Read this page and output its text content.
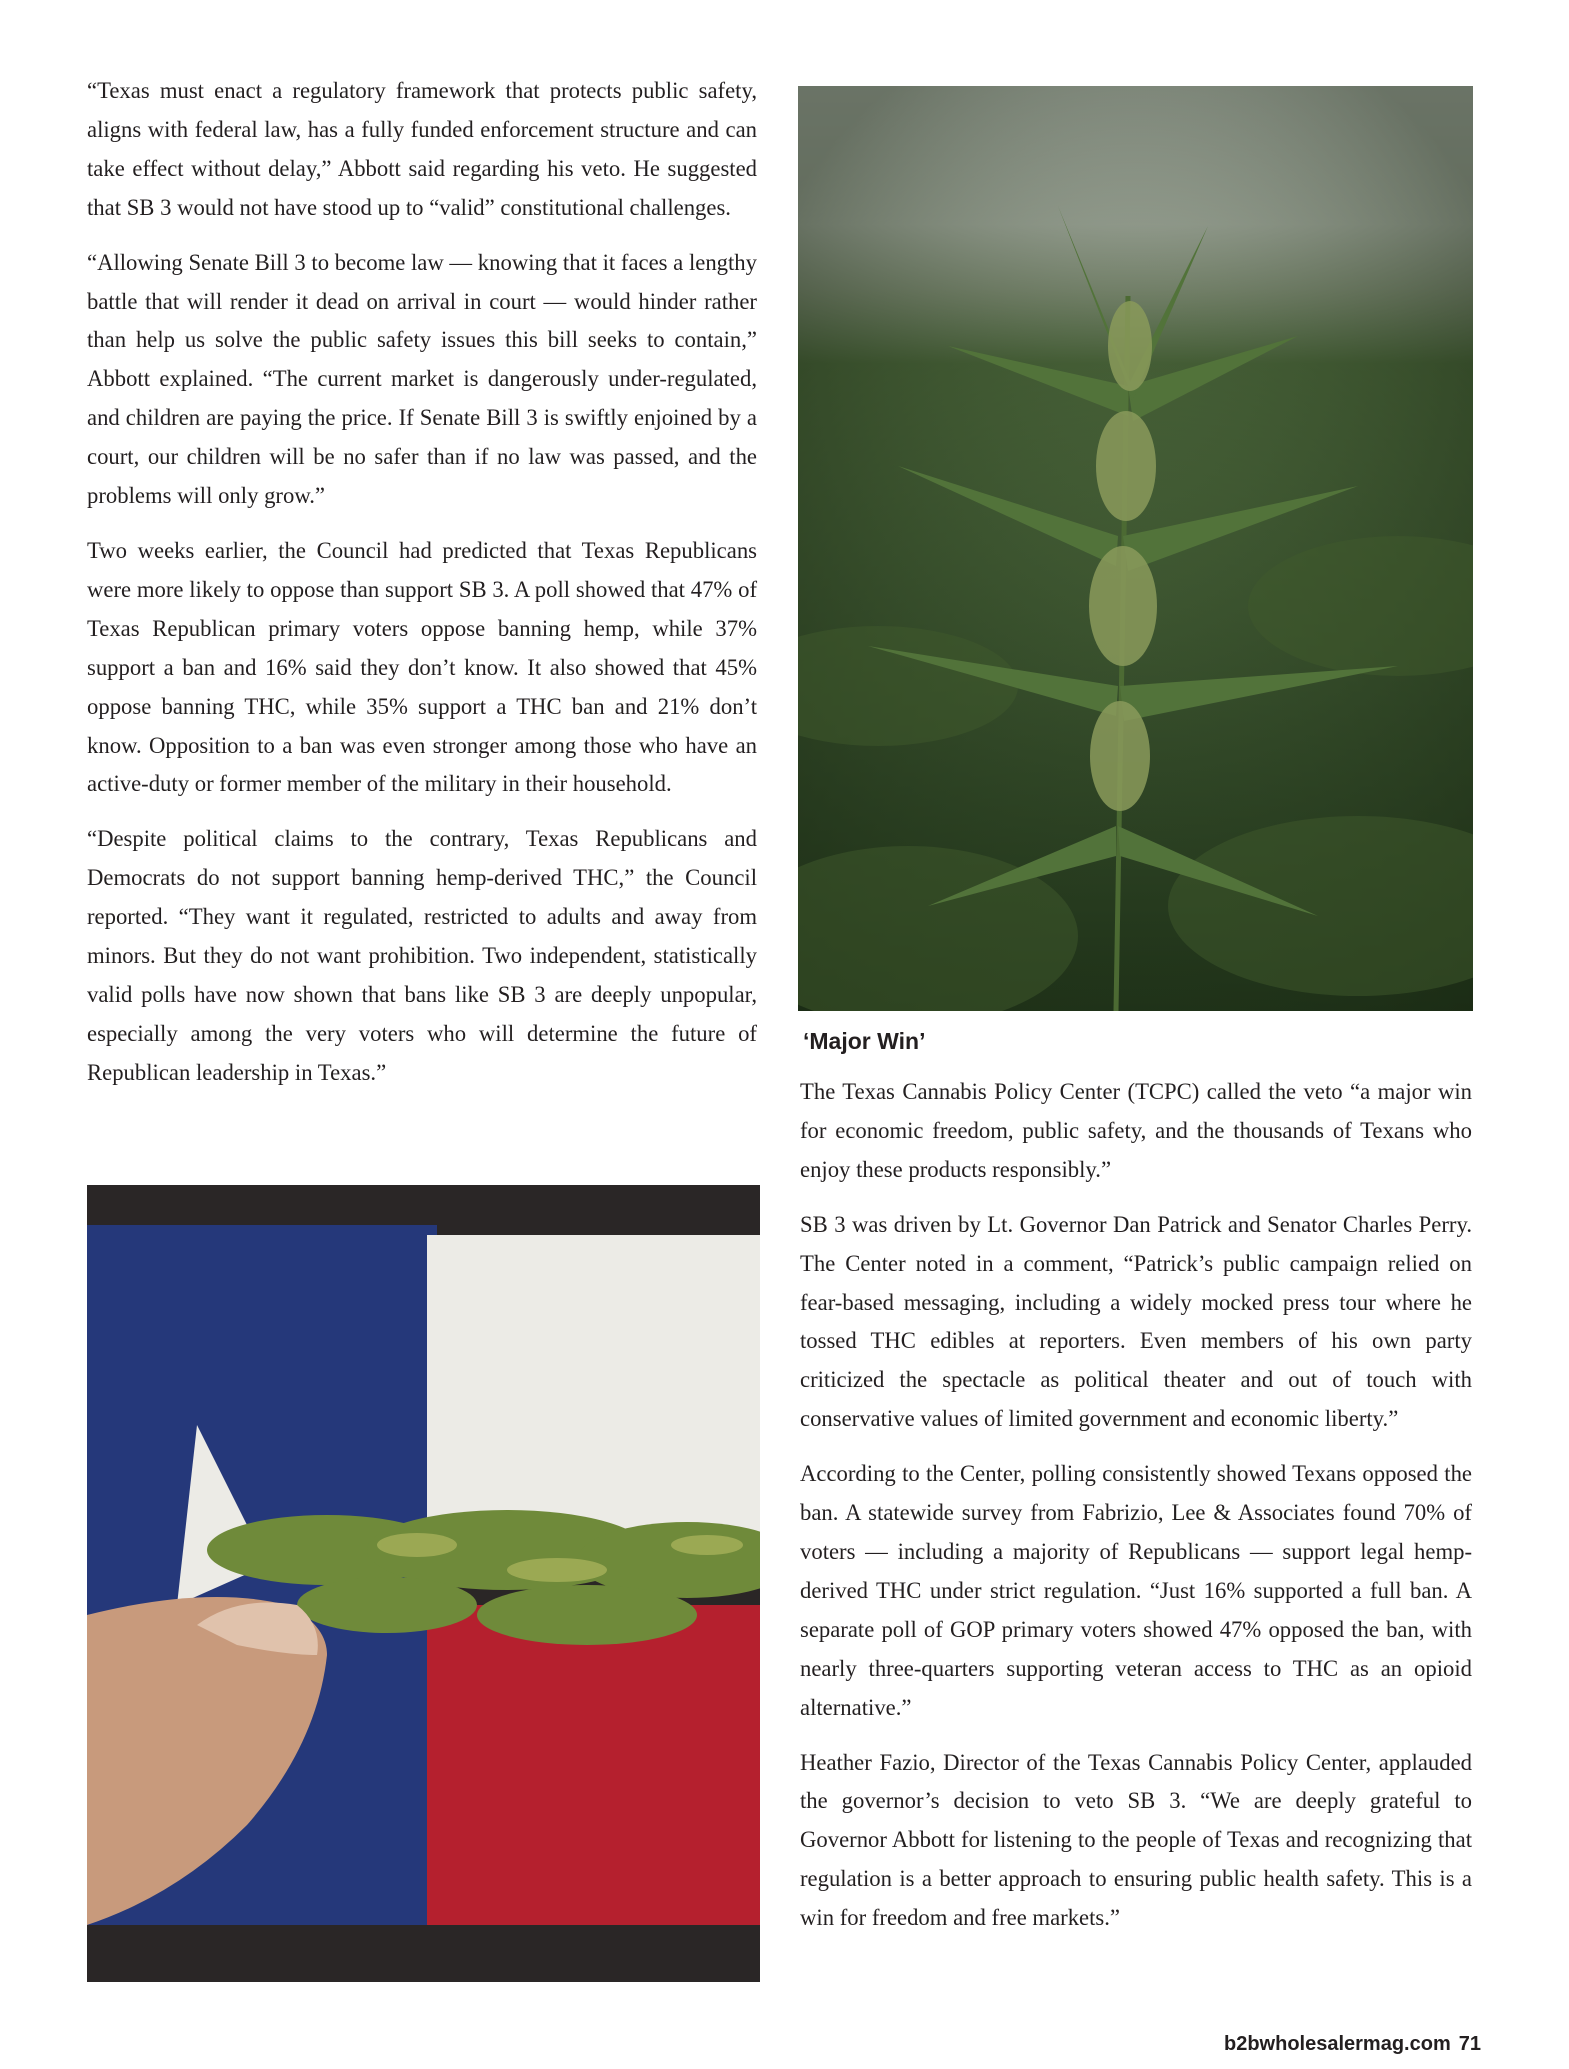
“Texas must enact a regulatory framework that protects public safety, aligns with federal law, has a fully funded enforcement structure and can take effect without delay,” Abbott said regarding his veto. He suggested that SB 3 would not have stood up to “valid” constitutional challenges.

“Allowing Senate Bill 3 to become law — knowing that it faces a lengthy battle that will render it dead on arrival in court — would hinder rather than help us solve the public safety issues this bill seeks to contain,” Abbott explained. “The current market is dangerously under-regulated, and children are paying the price. If Senate Bill 3 is swiftly enjoined by a court, our children will be no safer than if no law was passed, and the problems will only grow.”

Two weeks earlier, the Council had predicted that Texas Republicans were more likely to oppose than support SB 3. A poll showed that 47% of Texas Republican primary voters oppose banning hemp, while 37% support a ban and 16% said they don’t know. It also showed that 45% oppose banning THC, while 35% support a THC ban and 21% don’t know. Opposition to a ban was even stronger among those who have an active-duty or former member of the military in their household.

“Despite political claims to the contrary, Texas Republicans and Democrats do not support banning hemp-derived THC,” the Council reported. “They want it regulated, restricted to adults and away from minors. But they do not want prohibition. Two independent, statistically valid polls have now shown that bans like SB 3 are deeply unpopular, especially among the very voters who will determine the future of Republican leadership in Texas.”

‘Major Win’

The Texas Cannabis Policy Center (TCPC) called the veto “a major win for economic freedom, public safety, and the thousands of Texans who enjoy these products responsibly.”

SB 3 was driven by Lt. Governor Dan Patrick and Senator Charles Perry. The Center noted in a comment, “Patrick’s public campaign relied on fear-based messaging, including a widely mocked press tour where he tossed THC edibles at reporters. Even members of his own party criticized the spectacle as political theater and out of touch with conservative values of limited government and economic liberty.”

According to the Center, polling consistently showed Texans opposed the ban. A statewide survey from Fabrizio, Lee & Associates found 70% of voters — including a majority of Republicans — support legal hemp-derived THC under strict regulation. “Just 16% supported a full ban. A separate poll of GOP primary voters showed 47% opposed the ban, with nearly three-quarters supporting veteran access to THC as an opioid alternative.”

Heather Fazio, Director of the Texas Cannabis Policy Center, applauded the governor’s decision to veto SB 3. “We are deeply grateful to Governor Abbott for listening to the people of Texas and recognizing that regulation is a better approach to ensuring public health safety. This is a win for freedom and free markets.”

b2bwholesalermag.com 71
